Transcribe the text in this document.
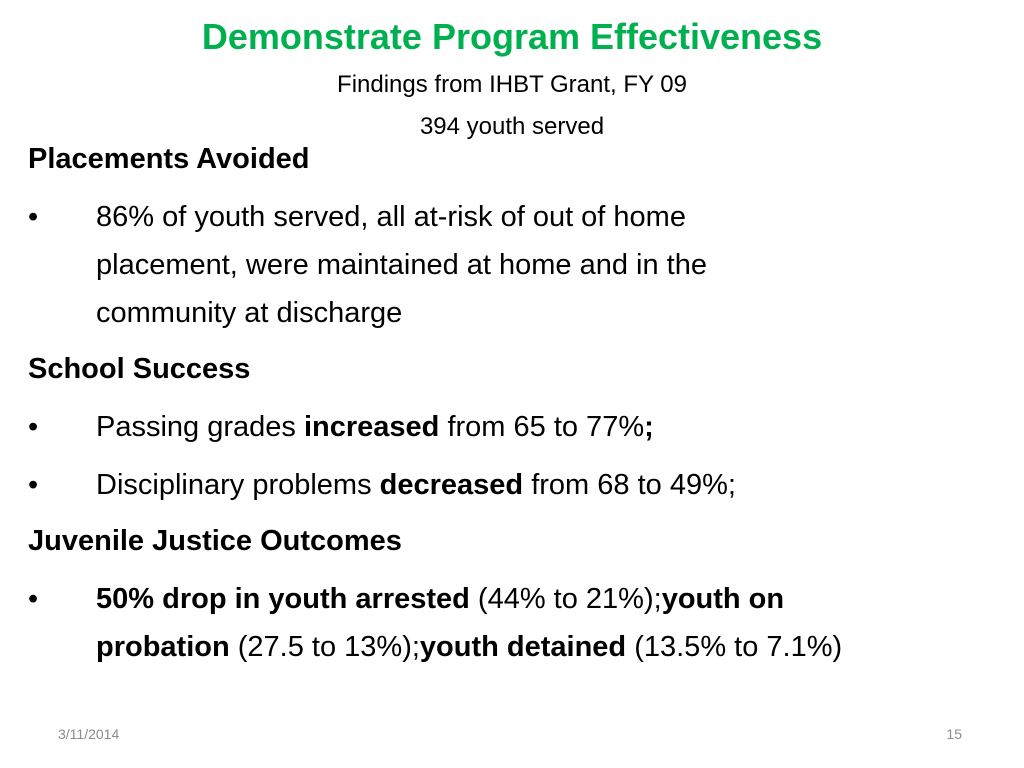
Demonstrate Program Effectiveness
Findings from IHBT Grant, FY 09
394 youth served
Placements Avoided
•	86% of youth served, all at-risk of out of home
placement, were maintained at home and in the
community at discharge
School Success
•	Passing grades increased from 65 to 77%;
•	Disciplinary problems decreased from 68 to 49%;
Juvenile Justice Outcomes
•	50% drop in youth arrested (44% to 21%);youth on
probation (27.5 to 13%);youth detained (13.5% to 7.1%)
3/11/2014	15
